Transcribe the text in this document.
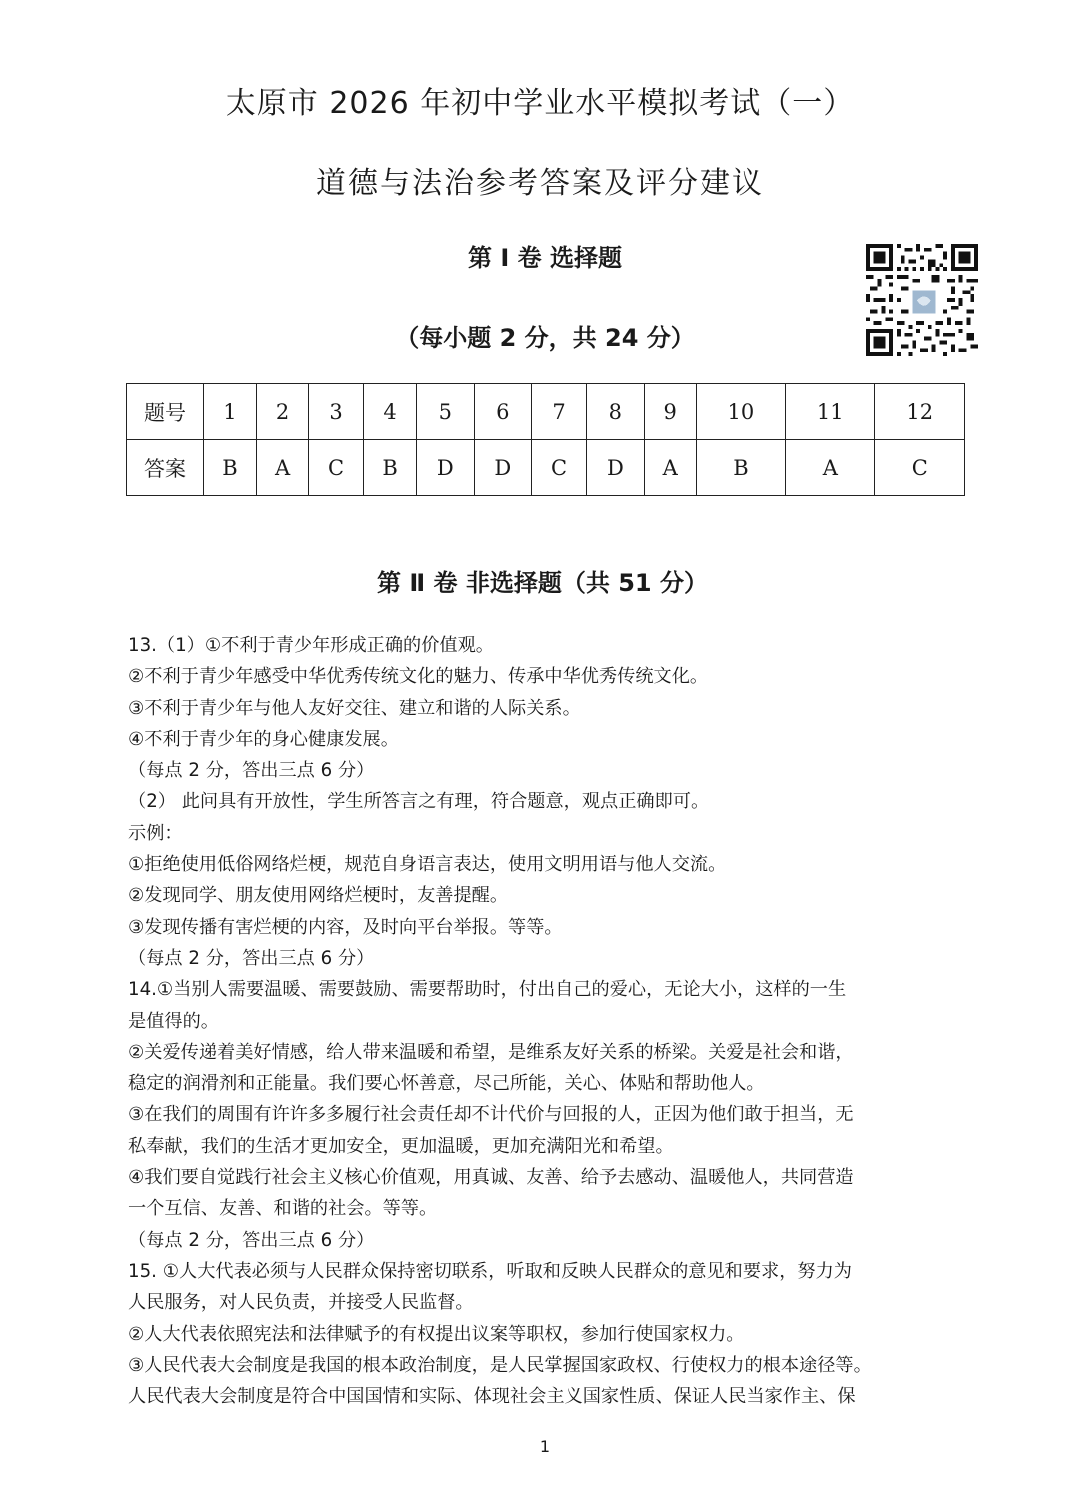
太原市 2026 年初中学业水平模拟考试（一）
道德与法治参考答案及评分建议
第 Ⅰ 卷 选择题
（每小题 2 分，共 24 分）
题号	1	2	3	4	5	6	7	8	9	10	11	12
答案	B	A	C	B	D	D	C	D	A	B	A	C
第 Ⅱ 卷 非选择题（共 51 分）
13.（1）①不利于青少年形成正确的价值观。
②不利于青少年感受中华优秀传统文化的魅力、传承中华优秀传统文化。
③不利于青少年与他人友好交往、建立和谐的人际关系。
④不利于青少年的身心健康发展。
（每点 2 分，答出三点 6 分）
（2） 此问具有开放性，学生所答言之有理，符合题意，观点正确即可。
示例：
①拒绝使用低俗网络烂梗，规范自身语言表达，使用文明用语与他人交流。
②发现同学、朋友使用网络烂梗时，友善提醒。
③发现传播有害烂梗的内容，及时向平台举报。等等。
（每点 2 分，答出三点 6 分）
14.①当别人需要温暖、需要鼓励、需要帮助时，付出自己的爱心，无论大小，这样的一生
是值得的。
②关爱传递着美好情感，给人带来温暖和希望，是维系友好关系的桥梁。关爱是社会和谐，
稳定的润滑剂和正能量。我们要心怀善意，尽己所能，关心、体贴和帮助他人。
③在我们的周围有许许多多履行社会责任却不计代价与回报的人，正因为他们敢于担当，无
私奉献，我们的生活才更加安全，更加温暖，更加充满阳光和希望。
④我们要自觉践行社会主义核心价值观，用真诚、友善、给予去感动、温暖他人，共同营造
一个互信、友善、和谐的社会。等等。
（每点 2 分，答出三点 6 分）
15. ①人大代表必须与人民群众保持密切联系，听取和反映人民群众的意见和要求，努力为
人民服务，对人民负责，并接受人民监督。
②人大代表依照宪法和法律赋予的有权提出议案等职权，参加行使国家权力。
③人民代表大会制度是我国的根本政治制度，是人民掌握国家政权、行使权力的根本途径等。
人民代表大会制度是符合中国国情和实际、体现社会主义国家性质、保证人民当家作主、保
1
